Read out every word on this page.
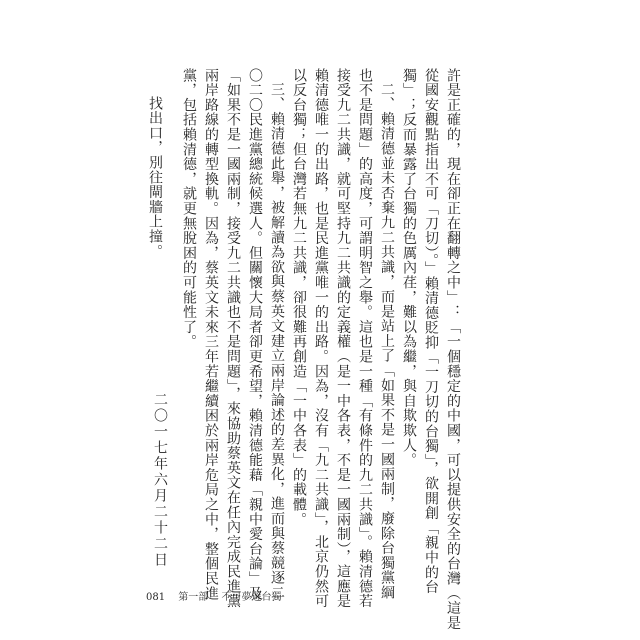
許是正確的，現在卻正在翻轉之中」：「一個穩定的中國，可以提供安全的台灣（這是
從國安觀點指出不可「刀切）。」賴清德貶抑「一刀切的台獨」，欲開創「親中的台
獨」；反而暴露了台獨的色厲內荏，難以為繼，與自欺欺人。
二、賴清德並未否棄九二共識，而是站上了「如果不是一國兩制，廢除台獨黨綱
也不是問題」的高度，可謂明智之舉。這也是一種「有條件的九二共識」。賴清德若
接受九二共識，就可堅持九二共識的定義權（是一中各表，不是一國兩制），這應是
賴清德唯一的出路，也是民進黨唯一的出路。因為，沒有「九二共識」，北京仍然可
以反台獨；但台灣若無九二共識，卻很難再創造「一中各表」的載體。
三、賴清德此舉，被解讀為欲與蔡英文建立兩岸論述的差異化，進而與蔡競逐二
〇二〇民進黨總統候選人。但關懷大局者卻更希望，賴清德能藉「親中愛台論」及
「如果不是一國兩制，接受九二共識也不是問題」，來協助蔡英文在任內完成民進黨
兩岸路線的轉型換軌。因為，蔡英文未來三年若繼續困於兩岸危局之中，整個民進
黨，包括賴清德，就更無脫困的可能性了。
找出口，別往閘牆上撞。
二〇一七年六月二十二日
081 第一部 不可夢遊台獨
